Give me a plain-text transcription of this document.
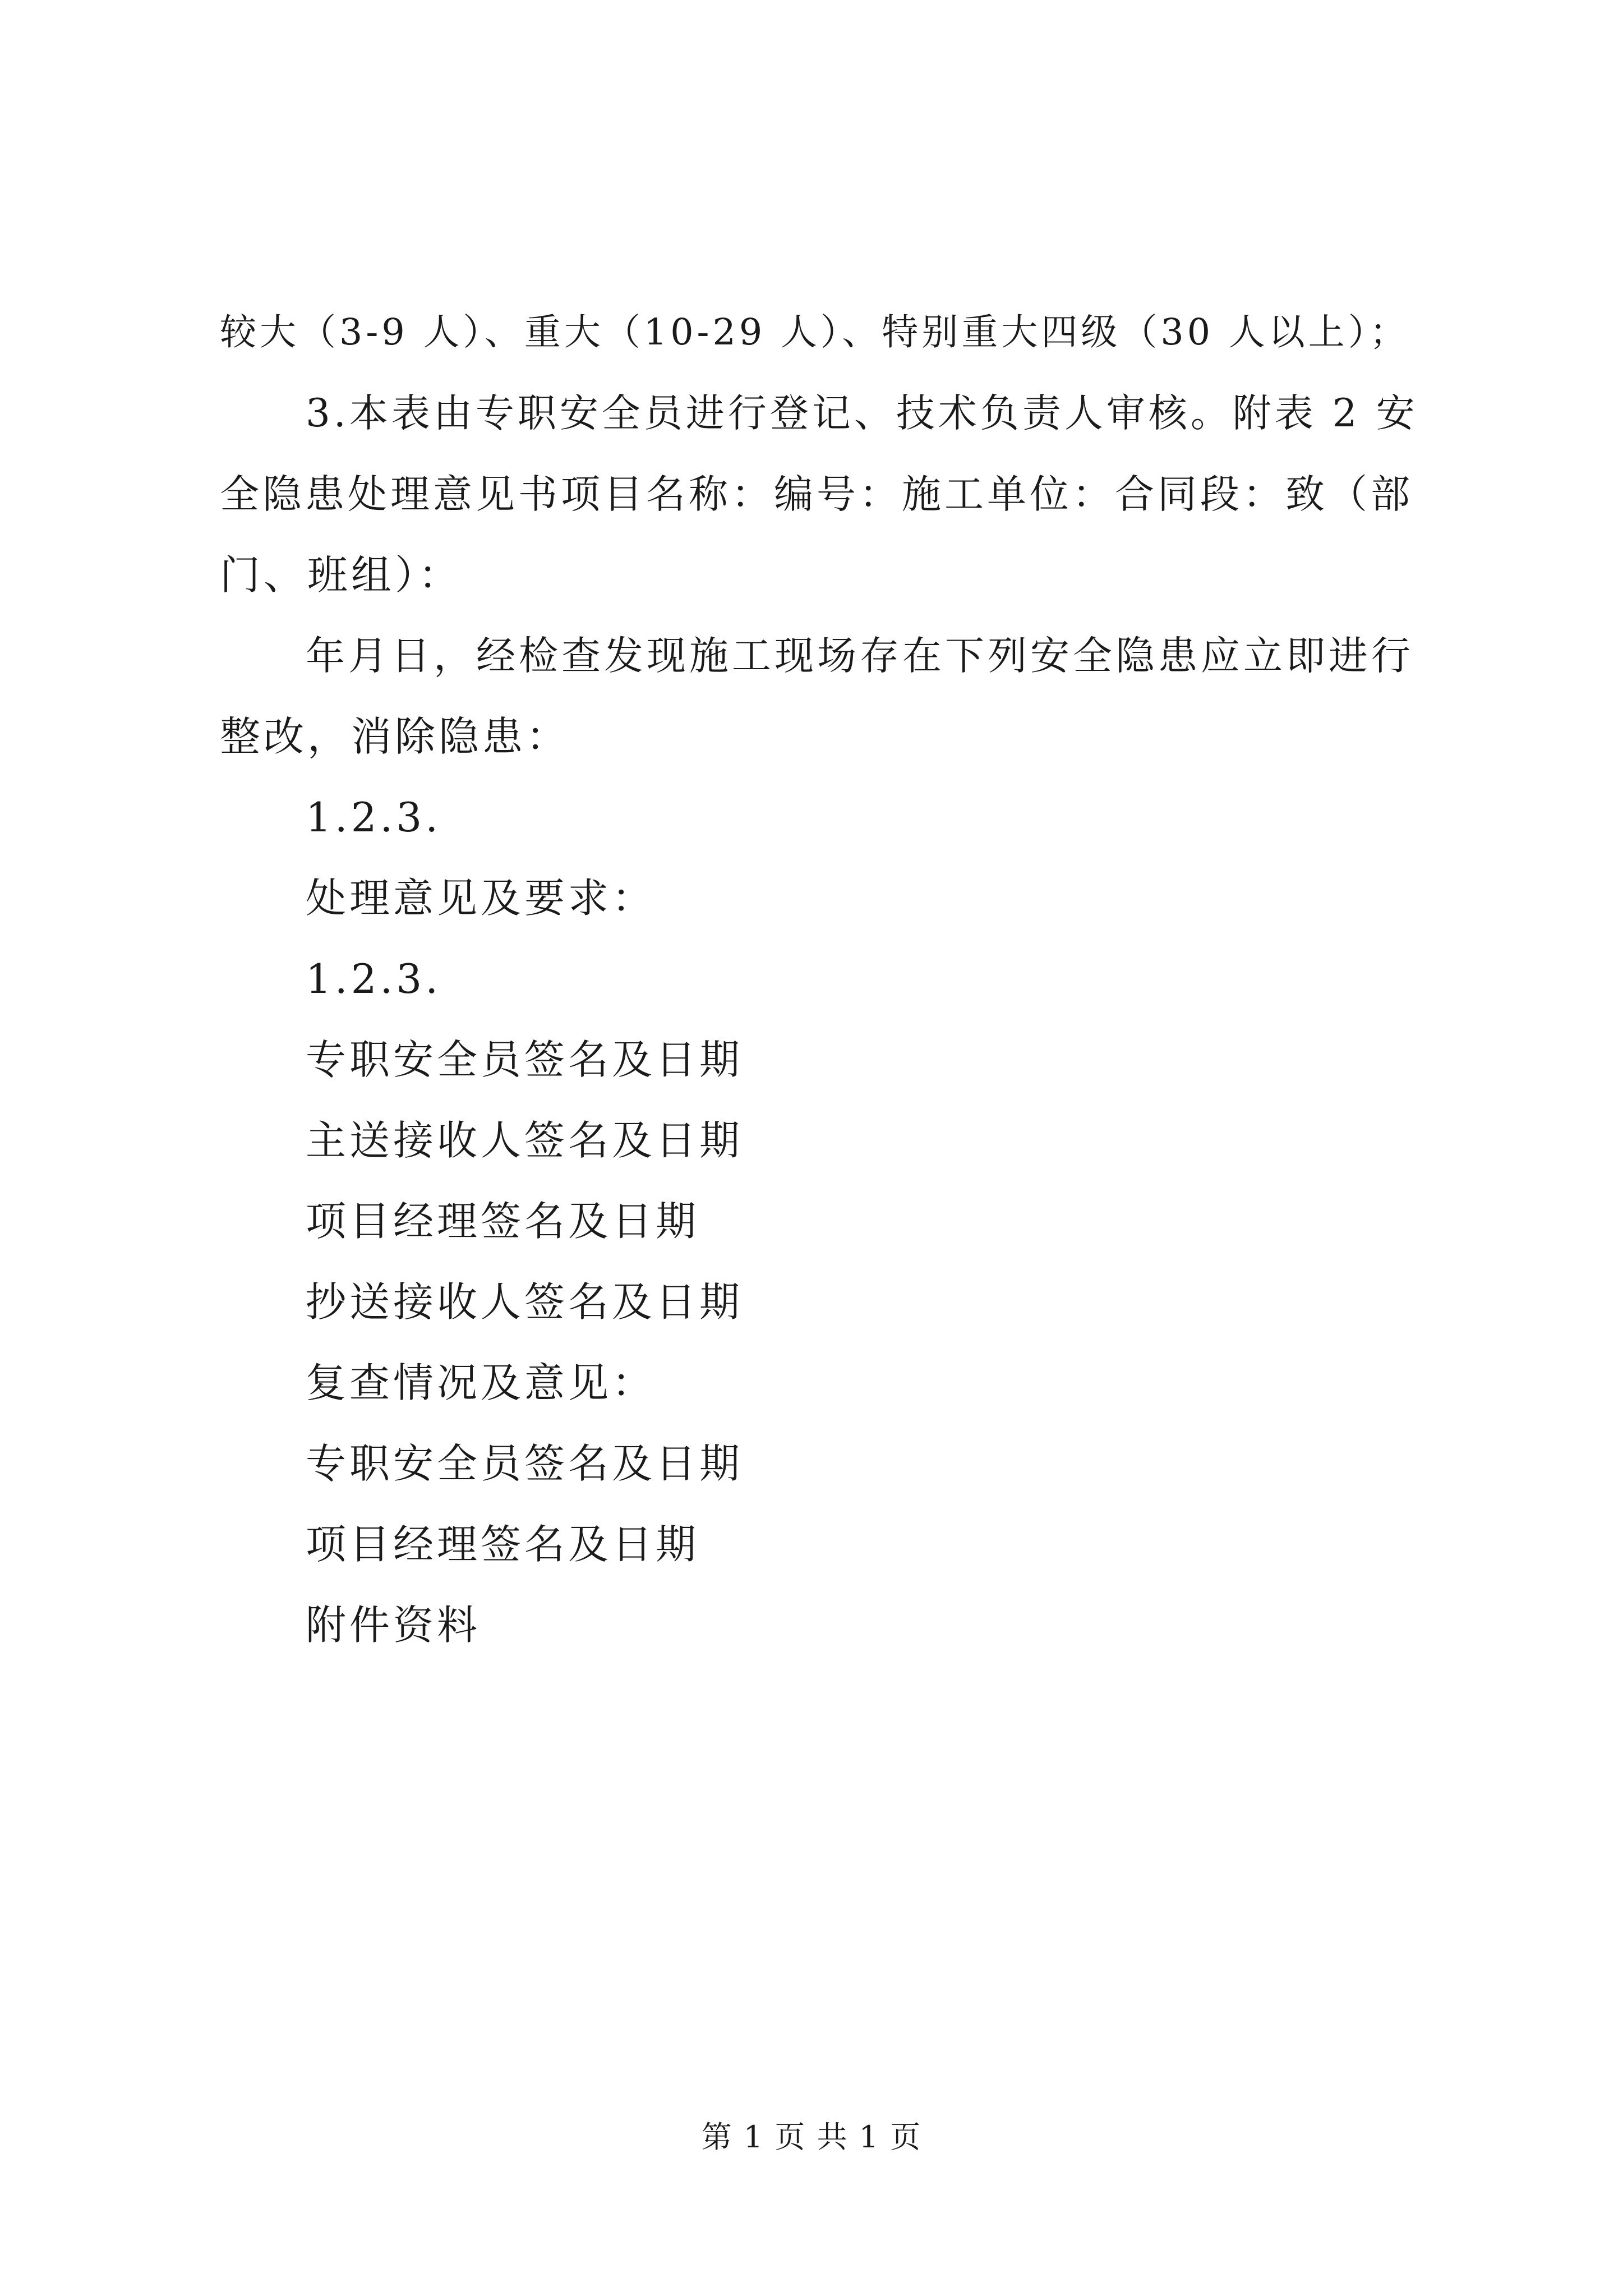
较大（3-9 人）、重大（10-29 人）、特别重大四级（30 人以上）；
3.本表由专职安全员进行登记、技术负责人审核。附表 2 安
全隐患处理意见书项目名称：编号：施工单位：合同段：致（部
门、班组）：
年月日，经检查发现施工现场存在下列安全隐患应立即进行
整改，消除隐患：
1.2.3.
处理意见及要求：
1.2.3.
专职安全员签名及日期
主送接收人签名及日期
项目经理签名及日期
抄送接收人签名及日期
复查情况及意见：
专职安全员签名及日期
项目经理签名及日期
附件资料
第 1 页 共 1 页
